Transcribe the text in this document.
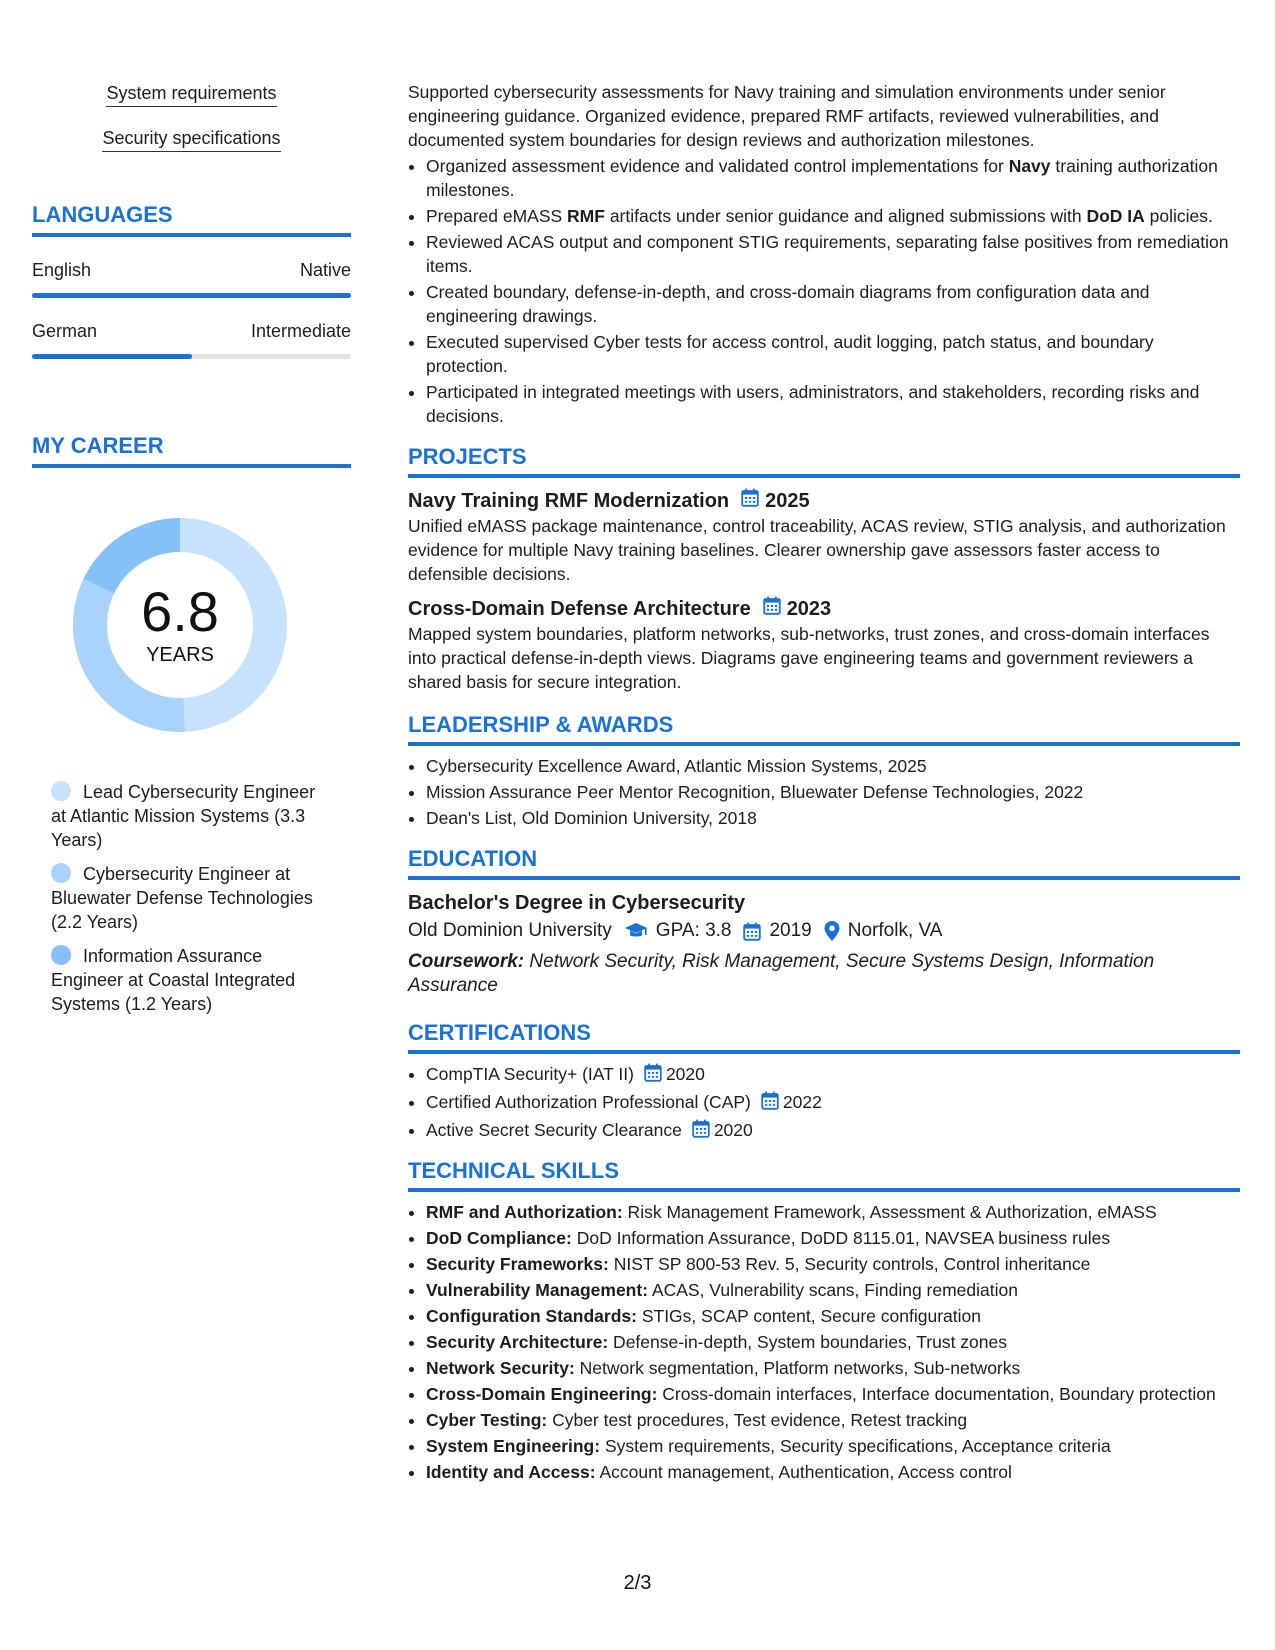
System requirements
Security specifications
LANGUAGES
English	Native
German	Intermediate
MY CAREER
6.8
YEARS
Lead Cybersecurity Engineer at Atlantic Mission Systems (3.3 Years)
Cybersecurity Engineer at Bluewater Defense Technologies (2.2 Years)
Information Assurance Engineer at Coastal Integrated Systems (1.2 Years)

Supported cybersecurity assessments for Navy training and simulation environments under senior engineering guidance. Organized evidence, prepared RMF artifacts, reviewed vulnerabilities, and documented system boundaries for design reviews and authorization milestones.

• Organized assessment evidence and validated control implementations for Navy training authorization milestones.
• Prepared eMASS RMF artifacts under senior guidance and aligned submissions with DoD IA policies.
• Reviewed ACAS output and component STIG requirements, separating false positives from remediation items.
• Created boundary, defense-in-depth, and cross-domain diagrams from configuration data and engineering drawings.
• Executed supervised Cyber tests for access control, audit logging, patch status, and boundary protection.
• Participated in integrated meetings with users, administrators, and stakeholders, recording risks and decisions.
PROJECTS
Navy Training RMF Modernization 2025

Unified eMASS package maintenance, control traceability, ACAS review, STIG analysis, and authorization evidence for multiple Navy training baselines. Clearer ownership gave assessors faster access to defensible decisions.

Cross-Domain Defense Architecture 2023

Mapped system boundaries, platform networks, sub-networks, trust zones, and cross-domain interfaces into practical defense-in-depth views. Diagrams gave engineering teams and government reviewers a shared basis for secure integration.

LEADERSHIP & AWARDS
• Cybersecurity Excellence Award, Atlantic Mission Systems, 2025
• Mission Assurance Peer Mentor Recognition, Bluewater Defense Technologies, 2022
• Dean's List, Old Dominion University, 2018
EDUCATION
Bachelor's Degree in Cybersecurity
Old Dominion University GPA: 3.8 2019 Norfolk, VA
Coursework: Network Security, Risk Management, Secure Systems Design, Information Assurance
CERTIFICATIONS
• CompTIA Security+ (IAT II) 2020
• Certified Authorization Professional (CAP) 2022
• Active Secret Security Clearance 2020
TECHNICAL SKILLS
• RMF and Authorization: Risk Management Framework, Assessment & Authorization, eMASS
• DoD Compliance: DoD Information Assurance, DoDD 8115.01, NAVSEA business rules
• Security Frameworks: NIST SP 800-53 Rev. 5, Security controls, Control inheritance
• Vulnerability Management: ACAS, Vulnerability scans, Finding remediation
• Configuration Standards: STIGs, SCAP content, Secure configuration
• Security Architecture: Defense-in-depth, System boundaries, Trust zones
• Network Security: Network segmentation, Platform networks, Sub-networks
• Cross-Domain Engineering: Cross-domain interfaces, Interface documentation, Boundary protection
• Cyber Testing: Cyber test procedures, Test evidence, Retest tracking
• System Engineering: System requirements, Security specifications, Acceptance criteria
• Identity and Access: Account management, Authentication, Access control
2/3
